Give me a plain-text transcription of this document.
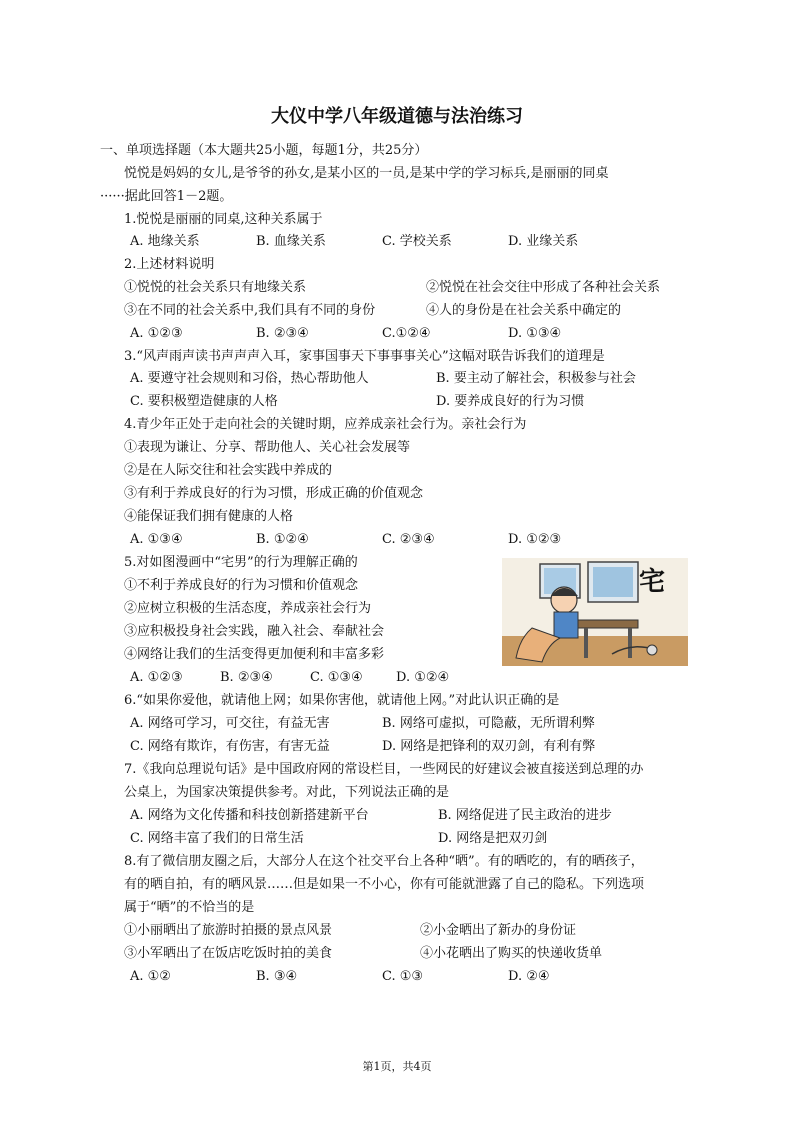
大仪中学八年级道德与法治练习
一、单项选择题（本大题共25小题，每题1分，共25分）
悦悦是妈妈的女儿,是爷爷的孙女,是某小区的一员,是某中学的学习标兵,是丽丽的同桌
······据此回答1－2题。
1.悦悦是丽丽的同桌,这种关系属于
A. 地缘关系	B. 血缘关系	C. 学校关系	D. 业缘关系
2.上述材料说明
①悦悦的社会关系只有地缘关系	②悦悦在社会交往中形成了各种社会关系
③在不同的社会关系中,我们具有不同的身份	④人的身份是在社会关系中确定的
A. ①②③	B. ②③④	C.①②④	D. ①③④
3.“风声雨声读书声声声入耳，家事国事天下事事事关心”这幅对联告诉我们的道理是
A. 要遵守社会规则和习俗，热心帮助他人	B. 要主动了解社会，积极参与社会
C. 要积极塑造健康的人格	D. 要养成良好的行为习惯
4.青少年正处于走向社会的关键时期，应养成亲社会行为。亲社会行为
①表现为谦让、分享、帮助他人、关心社会发展等
②是在人际交往和社会实践中养成的
③有利于养成良好的行为习惯，形成正确的价值观念
④能保证我们拥有健康的人格
A. ①③④	B. ①②④	C. ②③④	D. ①②③
5.对如图漫画中“宅男”的行为理解正确的
①不利于养成良好的行为习惯和价值观念
②应树立积极的生活态度，养成亲社会行为
③应积极投身社会实践，融入社会、奉献社会
④网络让我们的生活变得更加便利和丰富多彩
A. ①②③	B. ②③④	C. ①③④	D. ①②④
宅
6.“如果你爱他，就请他上网；如果你害他，就请他上网。”对此认识正确的是
A. 网络可学习，可交往，有益无害	B. 网络可虚拟，可隐蔽，无所谓利弊
C. 网络有欺诈，有伤害，有害无益	D. 网络是把锋利的双刃剑，有利有弊
7.《我向总理说句话》是中国政府网的常设栏目，一些网民的好建议会被直接送到总理的办
公桌上，为国家决策提供参考。对此，下列说法正确的是
A. 网络为文化传播和科技创新搭建新平台	B. 网络促进了民主政治的进步
C. 网络丰富了我们的日常生活	D. 网络是把双刃剑
8.有了微信朋友圈之后，大部分人在这个社交平台上各种“晒”。有的晒吃的，有的晒孩子，
有的晒自拍，有的晒风景……但是如果一不小心，你有可能就泄露了自己的隐私。下列选项
属于“晒”的不恰当的是
①小丽晒出了旅游时拍摄的景点风景	②小金晒出了新办的身份证
③小军晒出了在饭店吃饭时拍的美食	④小花晒出了购买的快递收货单
A. ①②	B. ③④	C. ①③	D. ②④
第1页，共4页
